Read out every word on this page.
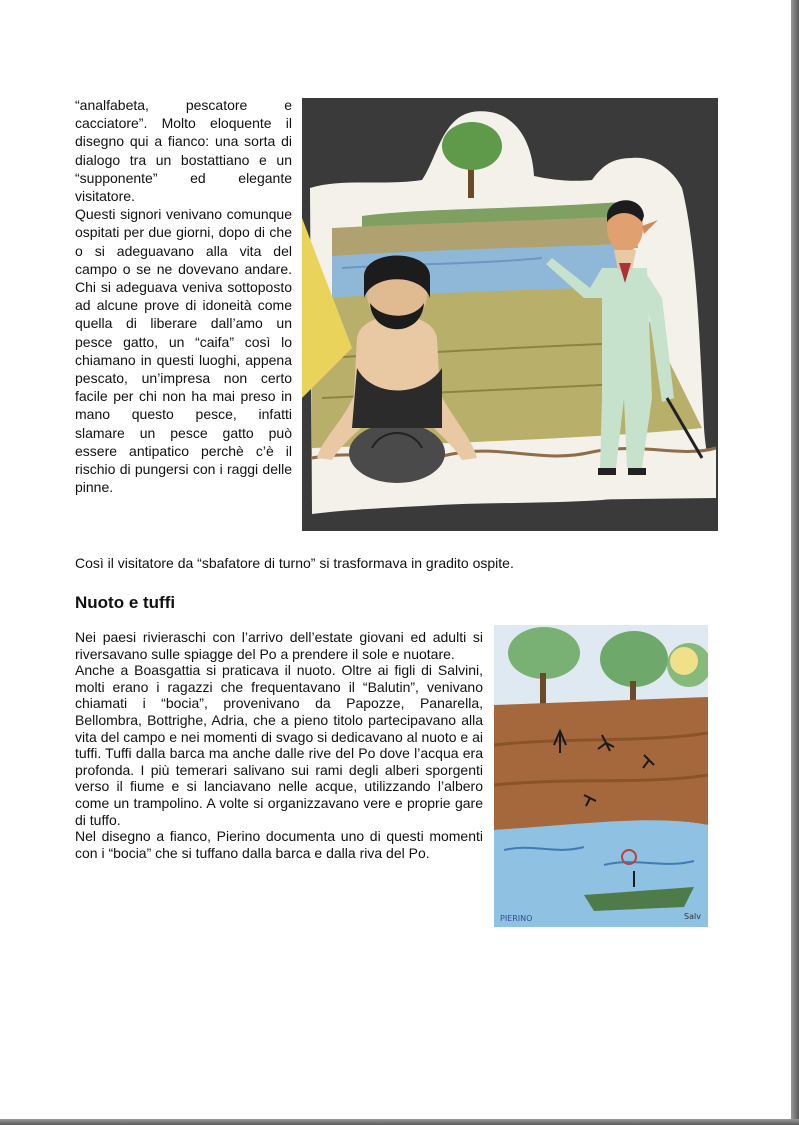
“analfabeta, pescatore e cacciatore”. Molto eloquente il disegno qui a fianco: una sorta di dialogo tra un bostattiano e un “supponente” ed elegante visitatore.

Questi signori venivano comunque ospitati per due giorni, dopo di che o si adeguavano alla vita del campo o se ne dovevano andare. Chi si adeguava veniva sottoposto ad alcune prove di idoneità come quella di liberare dall’amo un pesce gatto, un “caifa” così lo chiamano in questi luoghi, appena pescato, un’impresa non certo facile per chi non ha mai preso in mano questo pesce, infatti slamare un pesce gatto può essere antipatico perchè c’è il rischio di pungersi con i raggi delle pinne.

Così il visitatore da “sbafatore di turno” si trasformava in gradito ospite.
Nuoto e tuffi

Nei paesi rivieraschi con l’arrivo dell’estate giovani ed adulti si riversavano sulle spiagge del Po a prendere il sole e nuotare.

Anche a Boasgattia si praticava il nuoto. Oltre ai figli di Salvini, molti erano i ragazzi che frequentavano il “Balutin”, venivano chiamati i “bocia”, provenivano da Papozze, Panarella, Bellombra, Bottrighe, Adria, che a pieno titolo partecipavano alla vita del campo e nei momenti di svago si dedicavano al nuoto e ai tuffi. Tuffi dalla barca ma anche dalle rive del Po dove l’acqua era profonda. I più temerari salivano sui rami degli alberi sporgenti verso il fiume e si lanciavano nelle acque, utilizzando l’albero come un trampolino. A volte si organizzavano vere e proprie gare di tuffo.

Nel disegno a fianco, Pierino documenta uno di questi momenti con i “bocia” che si tuffano dalla barca e dalla riva del Po.

PIERINO	Salv
